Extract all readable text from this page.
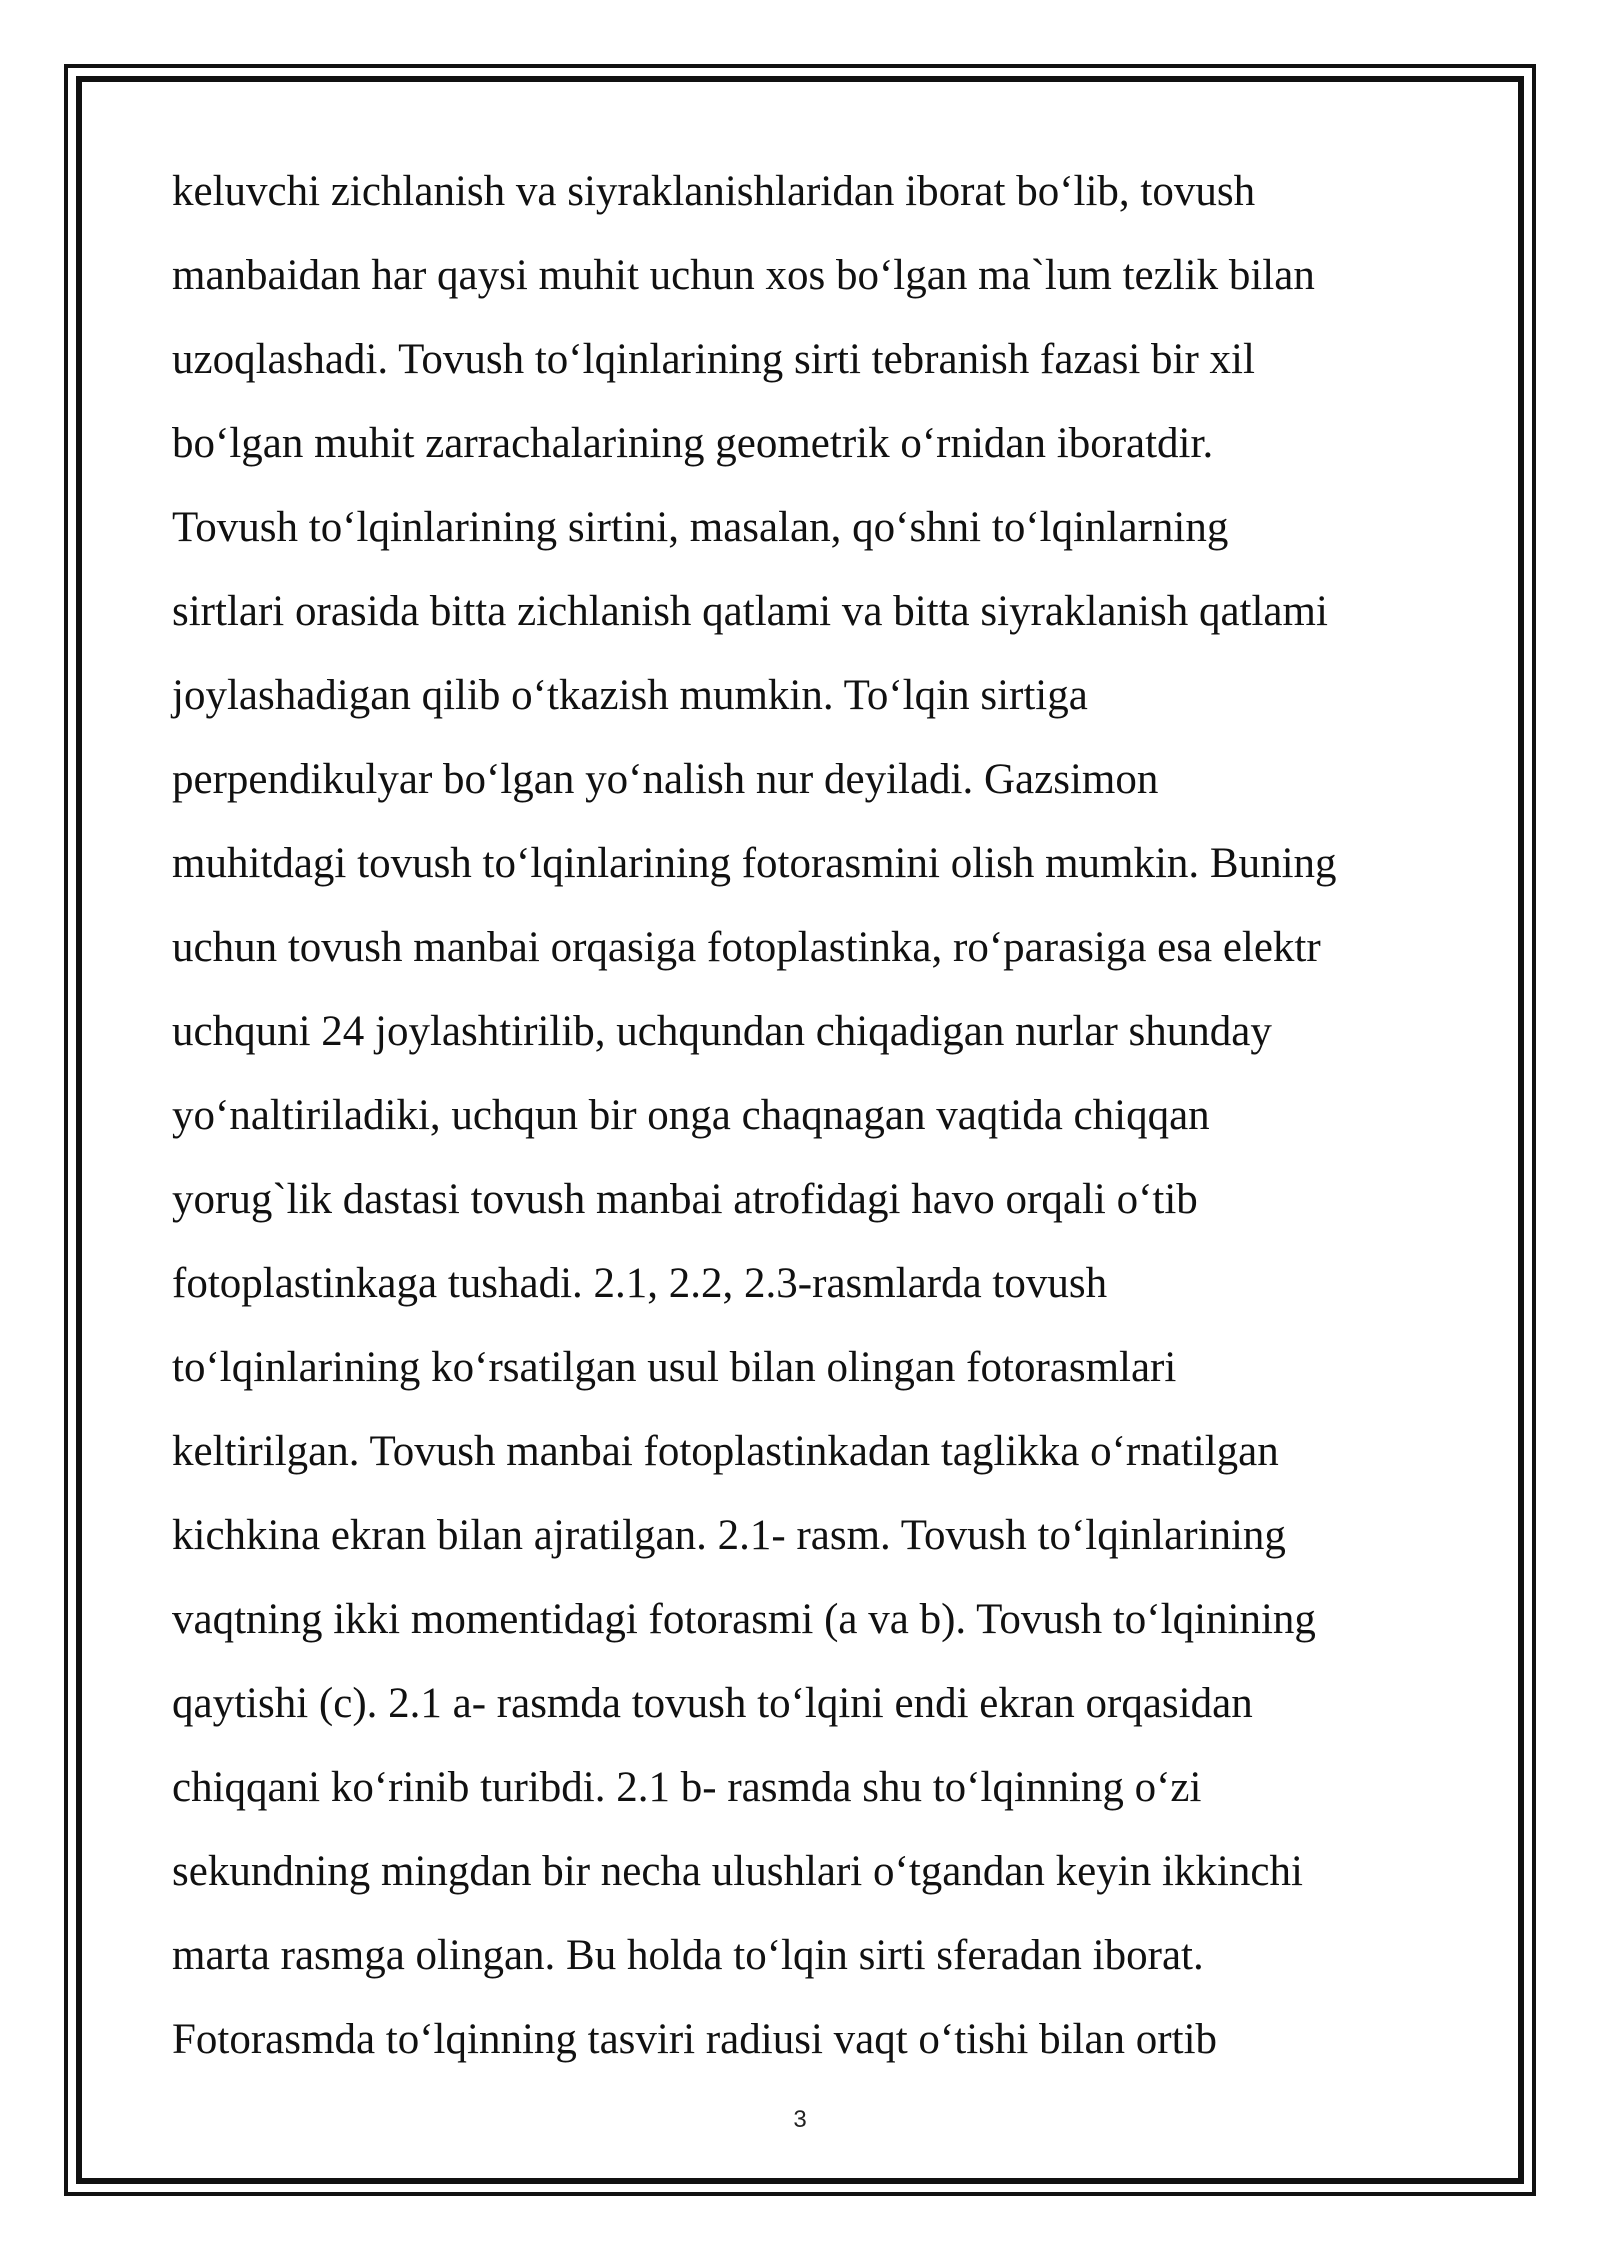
keluvchi zichlanish va siyraklanishlaridan iborat boʻlib, tovush
manbaidan har qaysi muhit uchun xos boʻlgan ma`lum tezlik bilan
uzoqlashadi. Tovush toʻlqinlarining sirti tebranish fazasi bir xil
boʻlgan muhit zarrachalarining geometrik oʻrnidan iboratdir.
Tovush toʻlqinlarining sirtini, masalan, qoʻshni toʻlqinlarning
sirtlari orasida bitta zichlanish qatlami va bitta siyraklanish qatlami
joylashadigan qilib oʻtkazish mumkin. Toʻlqin sirtiga
perpendikulyar boʻlgan yoʻnalish nur deyiladi. Gazsimon
muhitdagi tovush toʻlqinlarining fotorasmini olish mumkin. Buning
uchun tovush manbai orqasiga fotoplastinka, roʻparasiga esa elektr
uchquni 24 joylashtirilib, uchqundan chiqadigan nurlar shunday
yoʻnaltiriladiki, uchqun bir onga chaqnagan vaqtida chiqqan
yorug`lik dastasi tovush manbai atrofidagi havo orqali oʻtib
fotoplastinkaga tushadi. 2.1, 2.2, 2.3-rasmlarda tovush
toʻlqinlarining koʻrsatilgan usul bilan olingan fotorasmlari
keltirilgan. Tovush manbai fotoplastinkadan taglikka oʻrnatilgan
kichkina ekran bilan ajratilgan. 2.1- rasm. Tovush toʻlqinlarining
vaqtning ikki momentidagi fotorasmi (a va b). Tovush toʻlqinining
qaytishi (c). 2.1 a- rasmda tovush toʻlqini endi ekran orqasidan
chiqqani koʻrinib turibdi. 2.1 b- rasmda shu toʻlqinning oʻzi
sekundning mingdan bir necha ulushlari oʻtgandan keyin ikkinchi
marta rasmga olingan. Bu holda toʻlqin sirti sferadan iborat.
Fotorasmda toʻlqinning tasviri radiusi vaqt oʻtishi bilan ortib
3
